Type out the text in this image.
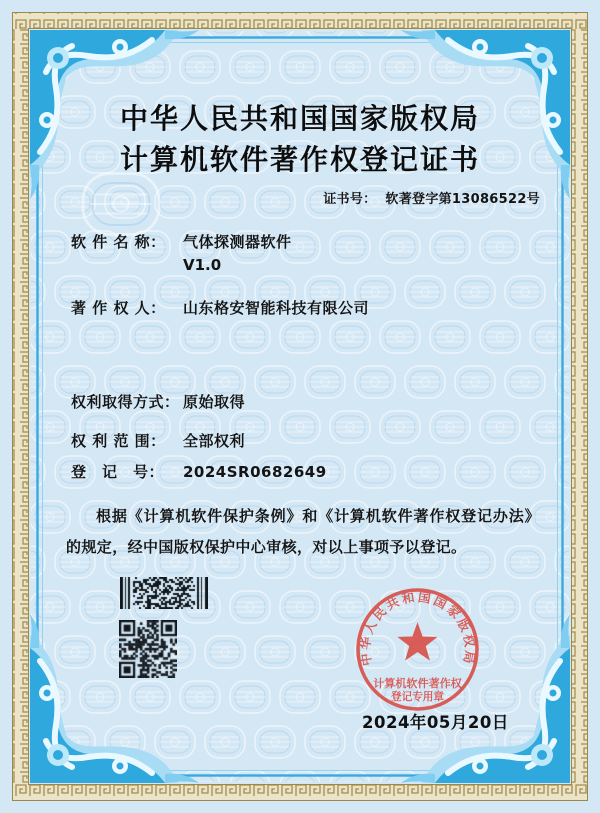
中华人民共和国国家版权局
计算机软件著作权登记证书
证书号： 软著登字第13086522号
软 件 名 称： 气体探测器软件
V1.0
著 作 权 人： 山东格安智能科技有限公司
权利取得方式： 原始取得
权 利 范 围： 全部权利
登　记　号： 2024SR0682649
根据《计算机软件保护条例》和《计算机软件著作权登记办法》的规定，经中国版权保护中心审核，对以上事项予以登记。
中华人民共和国国家版权局
计算机软件著作权
登记专用章
2024年05月20日
